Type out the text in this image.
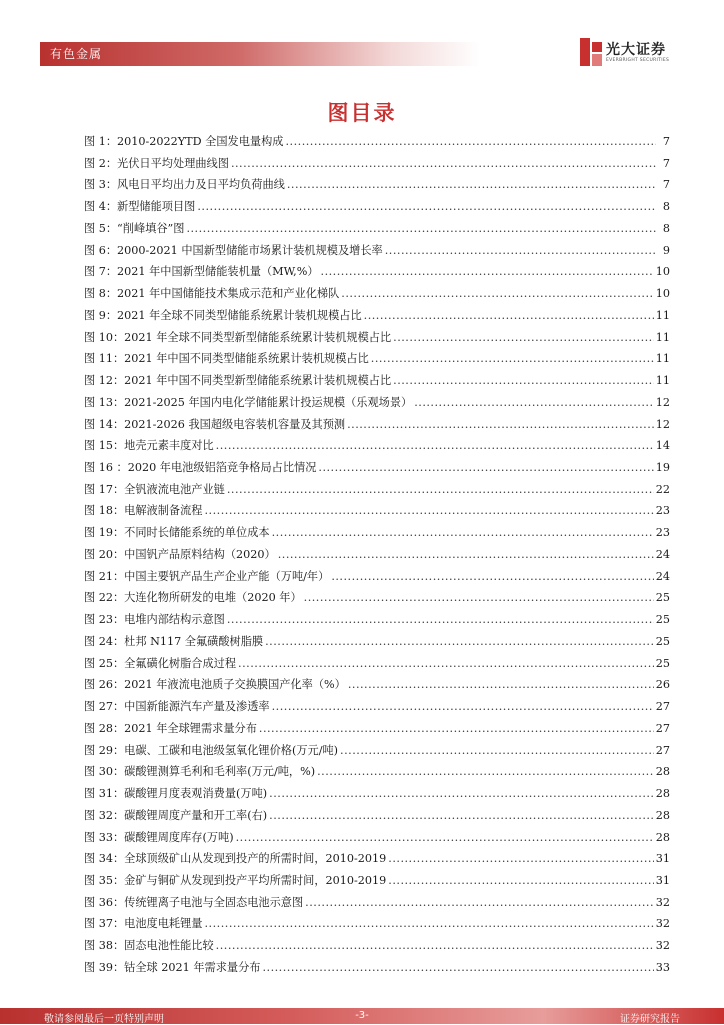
有色金属	光大证券
EVERBRIGHT SECURITIES
图目录
图 1：2010-2022YTD 全国发电量构成 .....	7
图 2：光伏日平均处理曲线图 .....	7
图 3：风电日平均出力及日平均负荷曲线 .....	7
图 4：新型储能项目图 .....	8
图 5：“削峰填谷”图 .....	8
图 6：2000-2021 中国新型储能市场累计装机规模及增长率 .....	9
图 7：2021 年中国新型储能装机量（MW,%） .....	10
图 8：2021 年中国储能技术集成示范和产业化梯队 .....	10
图 9：2021 年全球不同类型储能系统累计装机规模占比 .....	11
图 10：2021 年全球不同类型新型储能系统累计装机规模占比 .....	11
图 11：2021 年中国不同类型储能系统累计装机规模占比 .....	11
图 12：2021 年中国不同类型新型储能系统累计装机规模占比 .....	11
图 13：2021-2025 年国内电化学储能累计投运规模（乐观场景） .....	12
图 14：2021-2026 我国超级电容装机容量及其预测 .....	12
图 15：地壳元素丰度对比 .....	14
图 16 ：2020 年电池级铝箔竞争格局占比情况 .....	19
图 17：全钒液流电池产业链 .....	22
图 18：电解液制备流程 .....	23
图 19：不同时长储能系统的单位成本 .....	23
图 20：中国钒产品原料结构（2020） .....	24
图 21：中国主要钒产品生产企业产能（万吨/年） .....	24
图 22：大连化物所研发的电堆（2020 年） .....	25
图 23：电堆内部结构示意图 .....	25
图 24：杜邦 N117 全氟磺酸树脂膜 .....	25
图 25：全氟磺化树脂合成过程 .....	25
图 26：2021 年液流电池质子交换膜国产化率（%） .....	26
图 27：中国新能源汽车产量及渗透率 .....	27
图 28：2021 年全球锂需求量分布 .....	27
图 29：电碳、工碳和电池级氢氧化锂价格(万元/吨) .....	27
图 30：碳酸锂测算毛利和毛利率(万元/吨，%) .....	28
图 31：碳酸锂月度表观消费量(万吨) .....	28
图 32：碳酸锂周度产量和开工率(右) .....	28
图 33：碳酸锂周度库存(万吨) .....	28
图 34：全球顶级矿山从发现到投产的所需时间，2010-2019 .....	31
图 35：金矿与铜矿从发现到投产平均所需时间，2010-2019 .....	31
图 36：传统锂离子电池与全固态电池示意图 .....	32
图 37：电池度电耗锂量 .....	32
图 38：固态电池性能比较 .....	32
图 39：钴全球 2021 年需求量分布 .....	33
敬请参阅最后一页特别声明	-3-	证券研究报告
